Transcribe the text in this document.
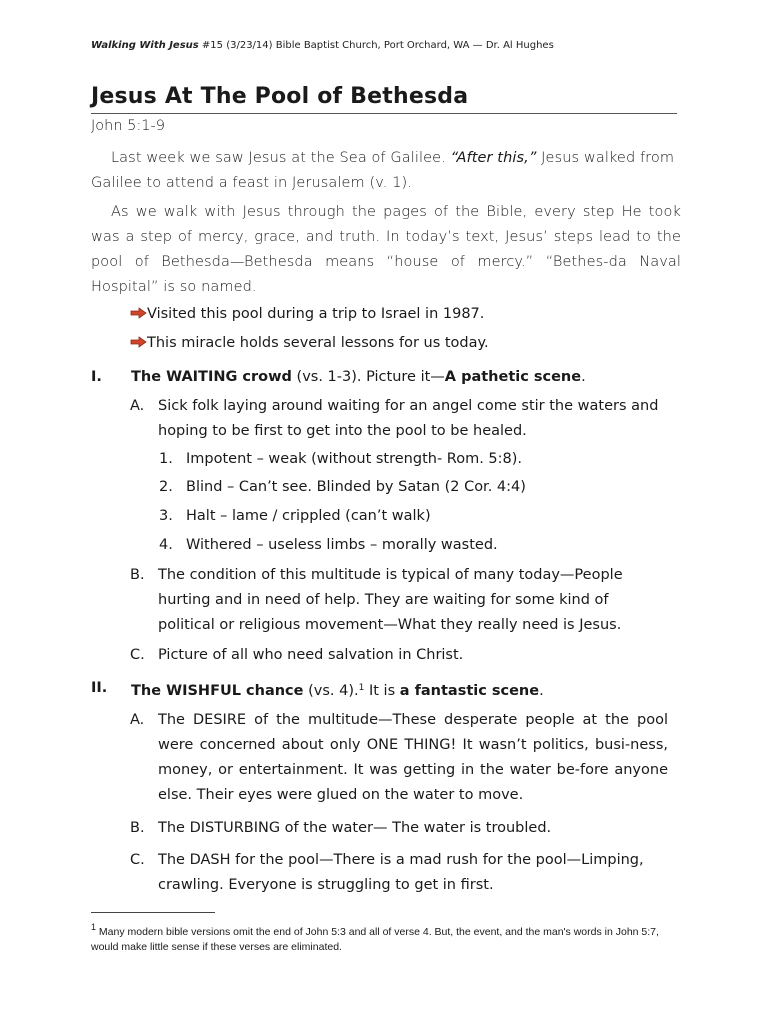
Walking With Jesus #15 (3/23/14) Bible Baptist Church, Port Orchard, WA — Dr. Al Hughes
Jesus At The Pool of Bethesda
John 5:1-9
Last week we saw Jesus at the Sea of Galilee. “After this,” Jesus walked from Galilee to attend a feast in Jerusalem (v. 1).
As we walk with Jesus through the pages of the Bible, every step He took was a step of mercy, grace, and truth. In today’s text, Jesus’ steps lead to the pool of Bethesda—Bethesda means “house of mercy.” “Bethes-da Naval Hospital” is so named.
Visited this pool during a trip to Israel in 1987.
This miracle holds several lessons for us today.
I. The WAITING crowd (vs. 1-3). Picture it—A pathetic scene.
A. Sick folk laying around waiting for an angel come stir the waters and hoping to be first to get into the pool to be healed.
1. Impotent – weak (without strength- Rom. 5:8).
2. Blind – Can’t see. Blinded by Satan (2 Cor. 4:4)
3. Halt – lame / crippled (can’t walk)
4. Withered – useless limbs – morally wasted.
B. The condition of this multitude is typical of many today—People hurting and in need of help. They are waiting for some kind of political or religious movement—What they really need is Jesus.
C. Picture of all who need salvation in Christ.
II. The WISHFUL chance (vs. 4).$^1$ It is a fantastic scene.
A. The DESIRE of the multitude—These desperate people at the pool were concerned about only ONE THING! It wasn’t politics, busi-ness, money, or entertainment. It was getting in the water be-fore anyone else. Their eyes were glued on the water to move.
B. The DISTURBING of the water— The water is troubled.
C. The DASH for the pool—There is a mad rush for the pool—Limping, crawling. Everyone is struggling to get in first.
$^1$ Many modern bible versions omit the end of John 5:3 and all of verse 4. But, the event, and the man's words in John 5:7, would make little sense if these verses are eliminated.
